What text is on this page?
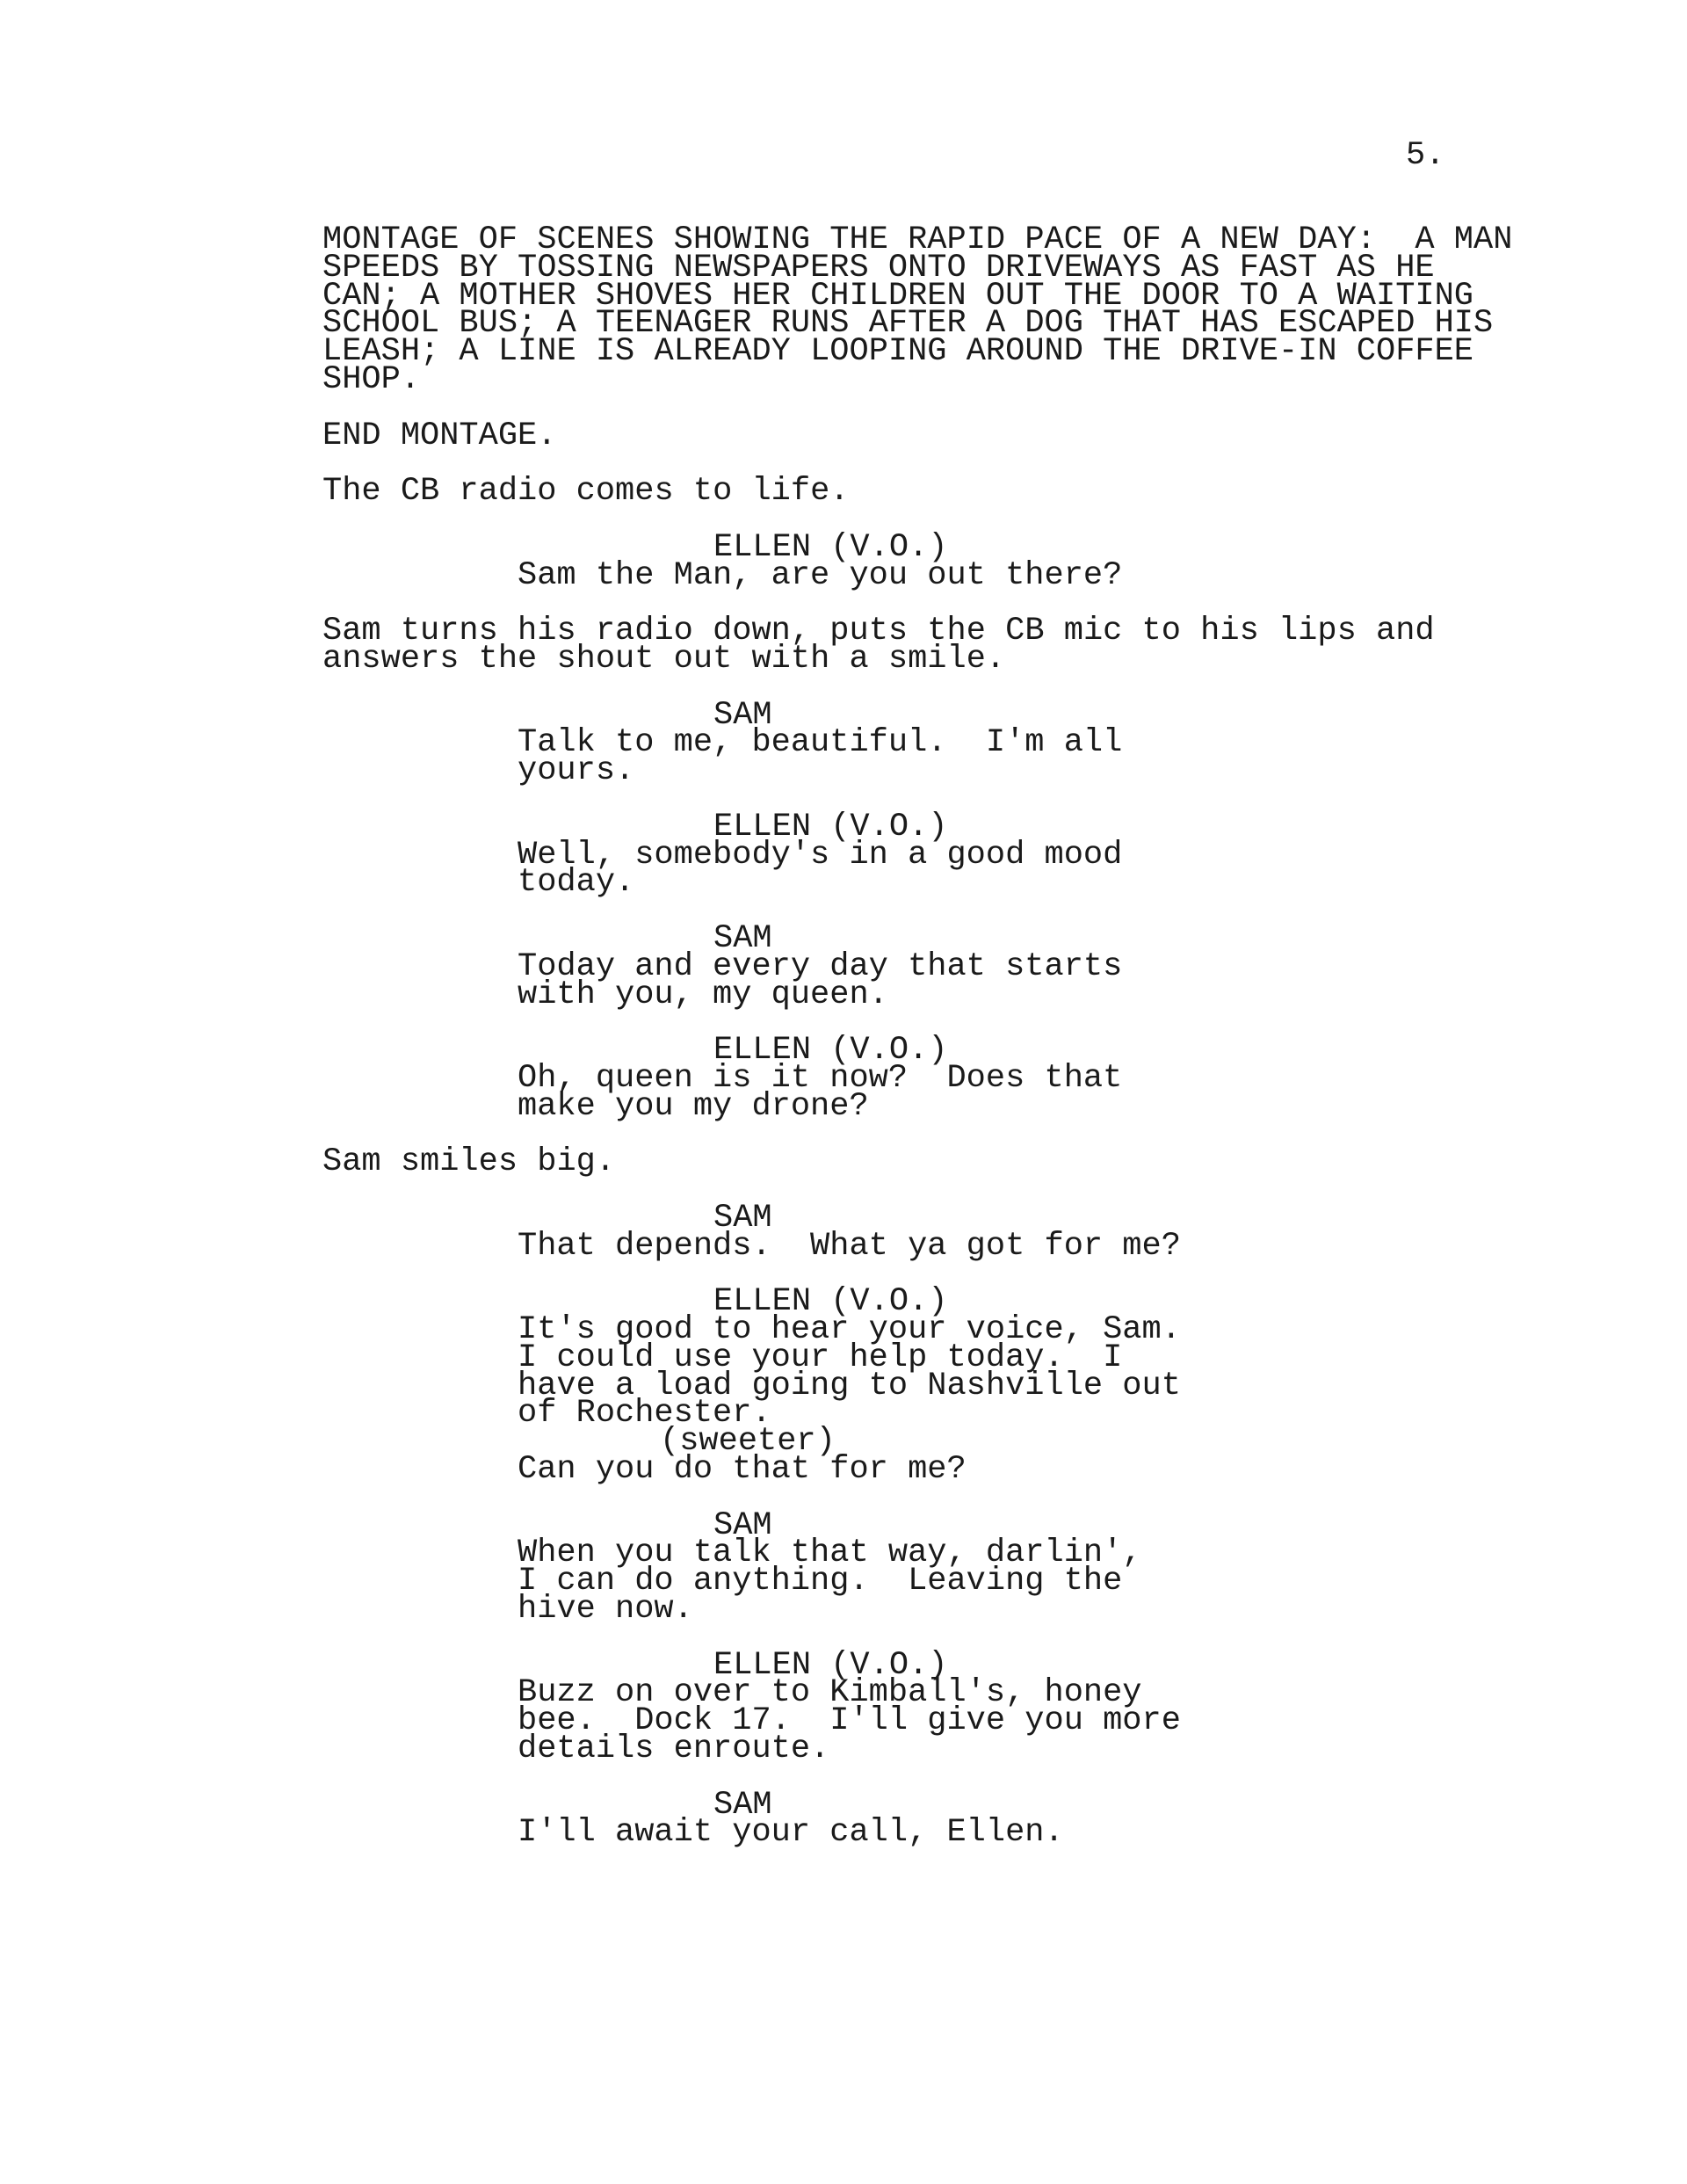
5.
MONTAGE OF SCENES SHOWING THE RAPID PACE OF A NEW DAY:  A MAN
SPEEDS BY TOSSING NEWSPAPERS ONTO DRIVEWAYS AS FAST AS HE
CAN; A MOTHER SHOVES HER CHILDREN OUT THE DOOR TO A WAITING
SCHOOL BUS; A TEENAGER RUNS AFTER A DOG THAT HAS ESCAPED HIS
LEASH; A LINE IS ALREADY LOOPING AROUND THE DRIVE-IN COFFEE
SHOP.
END MONTAGE.
The CB radio comes to life.
ELLEN (V.O.)
Sam the Man, are you out there?
Sam turns his radio down, puts the CB mic to his lips and
answers the shout out with a smile.
SAM
Talk to me, beautiful.  I'm all
yours.
ELLEN (V.O.)
Well, somebody's in a good mood
today.
SAM
Today and every day that starts
with you, my queen.
ELLEN (V.O.)
Oh, queen is it now?  Does that
make you my drone?
Sam smiles big.
SAM
That depends.  What ya got for me?
ELLEN (V.O.)
It's good to hear your voice, Sam.
I could use your help today.  I
have a load going to Nashville out
of Rochester.
(sweeter)
Can you do that for me?
SAM
When you talk that way, darlin',
I can do anything.  Leaving the
hive now.
ELLEN (V.O.)
Buzz on over to Kimball's, honey
bee.  Dock 17.  I'll give you more
details enroute.
SAM
I'll await your call, Ellen.
